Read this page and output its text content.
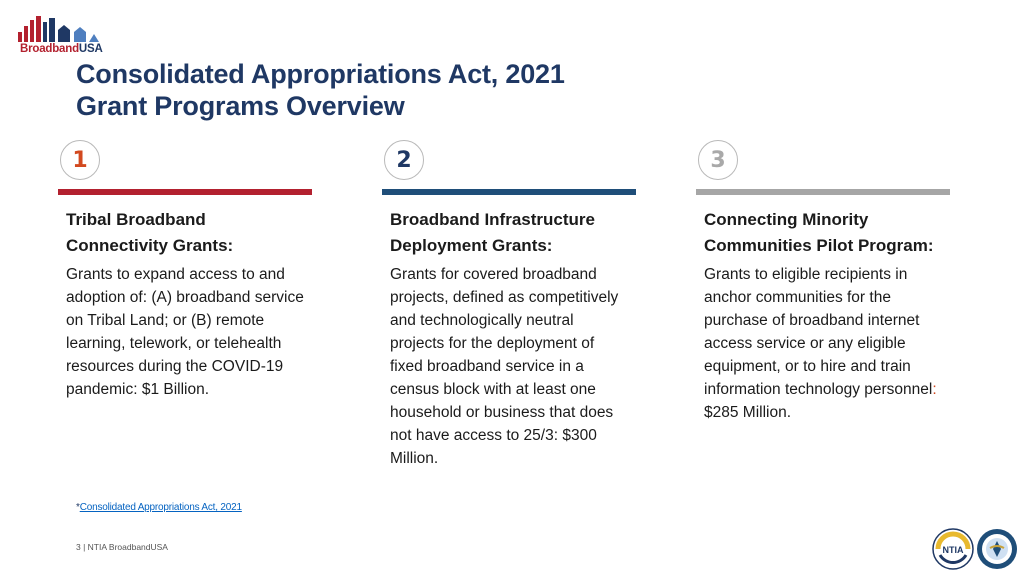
BroadbandUSA
Consolidated Appropriations Act, 2021
Grant Programs Overview
1
Tribal Broadband Connectivity Grants:
Grants to expand access to and adoption of: (A) broadband service on Tribal Land; or (B) remote learning, telework, or telehealth resources during the COVID-19 pandemic: $1 Billion.
2
Broadband Infrastructure Deployment Grants:
Grants for covered broadband projects, defined as competitively and technologically neutral projects for the deployment of fixed broadband service in a census block with at least one household or business that does not have access to 25/3: $300 Million.
3
Connecting Minority Communities Pilot Program:
Grants to eligible recipients in anchor communities for the purchase of broadband internet access service or any eligible equipment, or to hire and train information technology personnel: $285 Million.
*Consolidated Appropriations Act, 2021
3 | NTIA BroadbandUSA	NTIA
